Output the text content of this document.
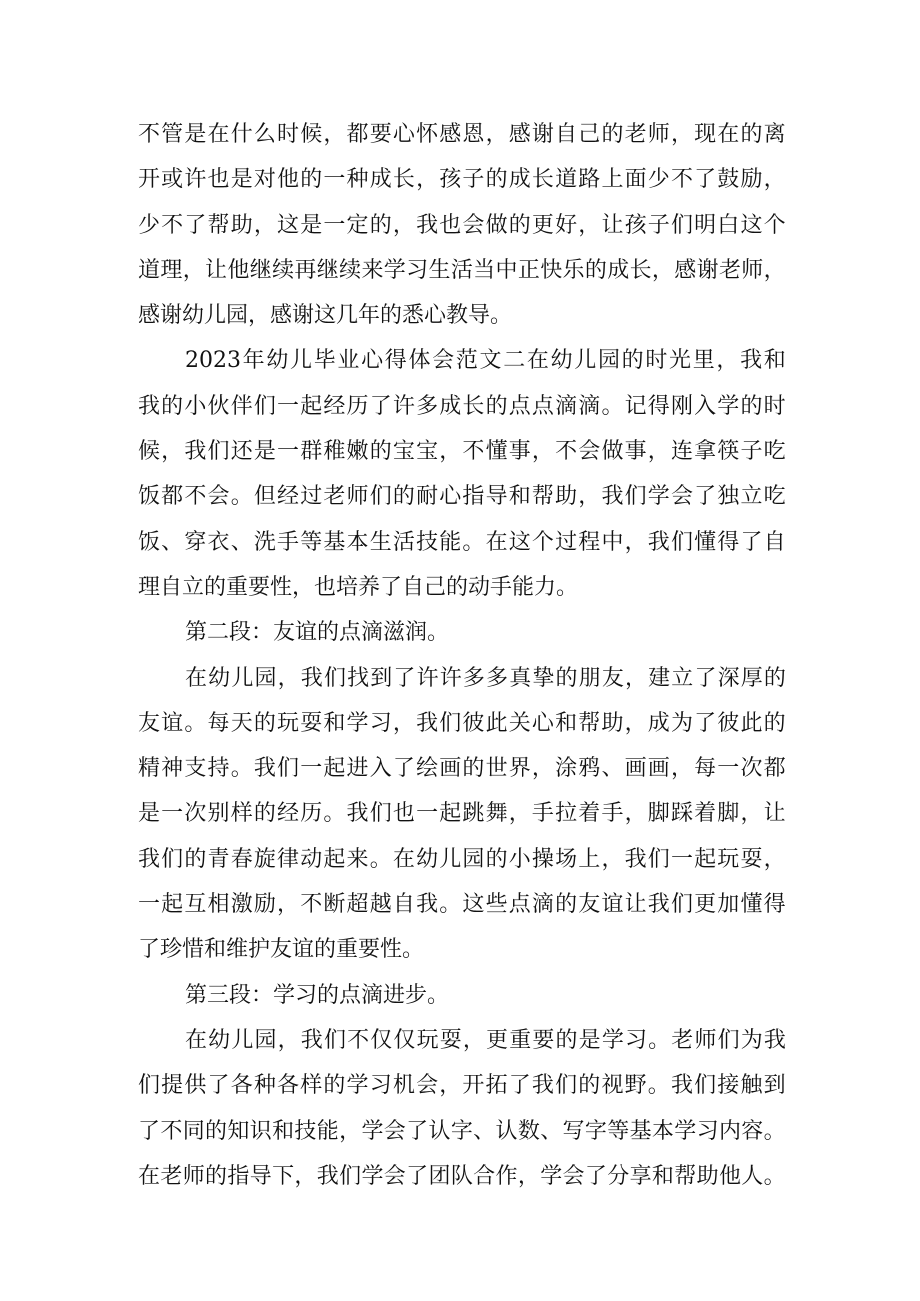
不 管 是 在 什 么 时 候 ， 都 要 心 怀 感 恩 ， 感 谢 自 己 的 老 师 ， 现 在 的 离
开 或 许 也 是 对 他 的 一 种 成 长 ， 孩 子 的 成 长 道 路 上 面 少 不 了 鼓 励 ，
少 不 了 帮 助 ， 这 是 一 定 的 ， 我 也 会 做 的 更 好 ， 让 孩 子 们 明 白 这 个
道 理 ， 让 他 继 续 再 继 续 来 学 习 生 活 当 中 正 快 乐 的 成 长 ， 感 谢 老 师 ，
感谢幼儿园，感谢这几年的悉心教导。
2023 年 幼 儿 毕 业 心 得 体 会 范 文 二 在 幼 儿 园 的 时 光 里 ， 我 和
我 的 小 伙 伴 们 一 起 经 历 了 许 多 成 长 的 点 点 滴 滴 。 记 得 刚 入 学 的 时
候 ， 我 们 还 是 一 群 稚 嫩 的 宝 宝 ， 不 懂 事 ， 不 会 做 事 ， 连 拿 筷 子 吃
饭 都 不 会 。 但 经 过 老 师 们 的 耐 心 指 导 和 帮 助 ， 我 们 学 会 了 独 立 吃
饭 、 穿 衣 、 洗 手 等 基 本 生 活 技 能 。 在 这 个 过 程 中 ， 我 们 懂 得 了 自
理自立的重要性，也培养了自己的动手能力。
第二段：友谊的点滴滋润。
在 幼 儿 园 ， 我 们 找 到 了 许 许 多 多 真 挚 的 朋 友 ， 建 立 了 深 厚 的
友 谊 。 每 天 的 玩 耍 和 学 习 ， 我 们 彼 此 关 心 和 帮 助 ， 成 为 了 彼 此 的
精 神 支 持 。 我 们 一 起 进 入 了 绘 画 的 世 界 ， 涂 鸦 、 画 画 ， 每 一 次 都
是 一 次 别 样 的 经 历 。 我 们 也 一 起 跳 舞 ， 手 拉 着 手 ， 脚 踩 着 脚 ， 让
我 们 的 青 春 旋 律 动 起 来 。 在 幼 儿 园 的 小 操 场 上 ， 我 们 一 起 玩 耍 ，
一 起 互 相 激 励 ， 不 断 超 越 自 我 。 这 些 点 滴 的 友 谊 让 我 们 更 加 懂 得
了珍惜和维护友谊的重要性。
第三段：学习的点滴进步。
在 幼 儿 园 ， 我 们 不 仅 仅 玩 耍 ， 更 重 要 的 是 学 习 。 老 师 们 为 我
们 提 供 了 各 种 各 样 的 学 习 机 会 ， 开 拓 了 我 们 的 视 野 。 我 们 接 触 到
了 不 同 的 知 识 和 技 能 ， 学 会 了 认 字 、 认 数 、 写 字 等 基 本 学 习 内 容 。
在 老 师 的 指 导 下 ， 我 们 学 会 了 团 队 合 作 ， 学 会 了 分 享 和 帮 助 他 人 。
